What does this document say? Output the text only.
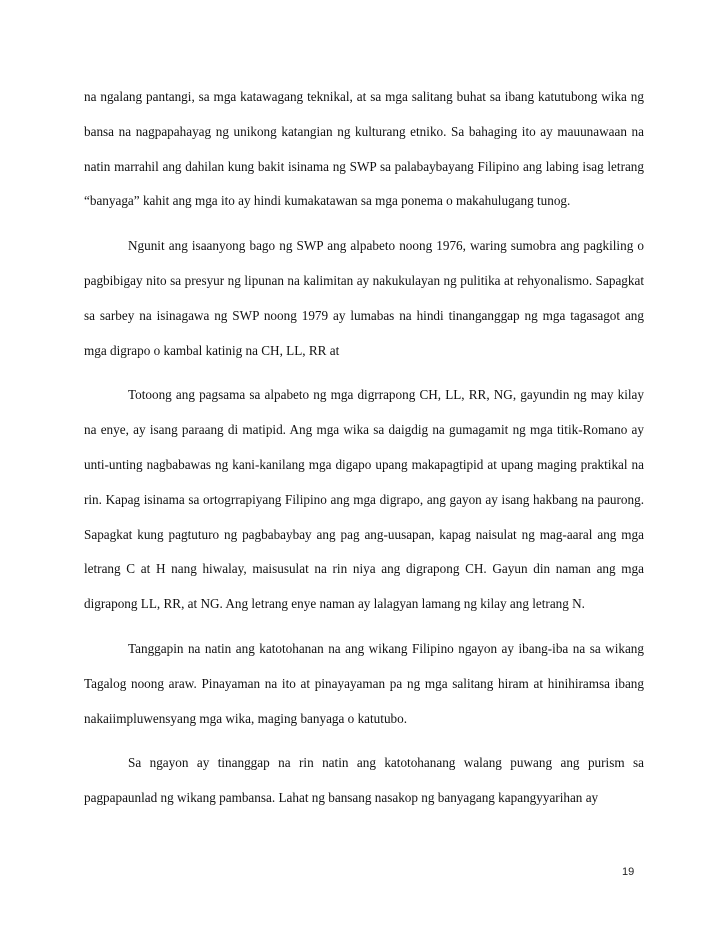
na ngalang pantangi, sa mga katawagang teknikal, at sa mga salitang buhat sa ibang katutubong wika ng bansa na nagpapahayag ng unikong katangian ng kulturang etniko. Sa bahaging ito ay mauunawaan na natin marrahil ang dahilan kung bakit isinama ng SWP sa palabaybayang Filipino ang labing isag letrang “banyaga” kahit ang mga ito ay hindi kumakatawan sa mga ponema o makahulugang tunog.

Ngunit ang isaanyong bago ng SWP ang alpabeto noong 1976, waring sumobra ang pagkiling o pagbibigay nito sa presyur ng lipunan na kalimitan ay nakukulayan ng pulitika at rehyonalismo. Sapagkat sa sarbey na isinagawa ng SWP noong 1979 ay lumabas na hindi tinanganggap ng mga tagasagot ang mga digrapo o kambal katinig na CH, LL, RR at

Totoong ang pagsama sa alpabeto ng mga digrrapong CH, LL, RR, NG, gayundin ng may kilay na enye, ay isang paraang di matipid. Ang mga wika sa daigdig na gumagamit ng mga titik-Romano ay unti-unting nagbabawas ng kani-kanilang mga digapo upang makapagtipid at upang maging praktikal na rin. Kapag isinama sa ortogrrapiyang Filipino ang mga digrapo, ang gayon ay isang hakbang na paurong. Sapagkat kung pagtuturo ng pagbabaybay ang pag ang-uusapan, kapag naisulat ng mag-aaral ang mga letrang C at H nang hiwalay, maisusulat na rin niya ang digrapong CH. Gayun din naman ang mga digrapong LL, RR, at NG. Ang letrang enye naman ay lalagyan lamang ng kilay ang letrang N.

Tanggapin na natin ang katotohanan na ang wikang Filipino ngayon ay ibang-iba na sa wikang Tagalog noong araw. Pinayaman na ito at pinayayaman pa ng mga salitang hiram at hinihiramsa ibang nakaiimpluwensyang mga wika, maging banyaga o katutubo.

Sa ngayon ay tinanggap na rin natin ang katotohanang walang puwang ang purism sa pagpapaunlad ng wikang pambansa. Lahat ng bansang nasakop ng banyagang kapangyyarihan ay

19
